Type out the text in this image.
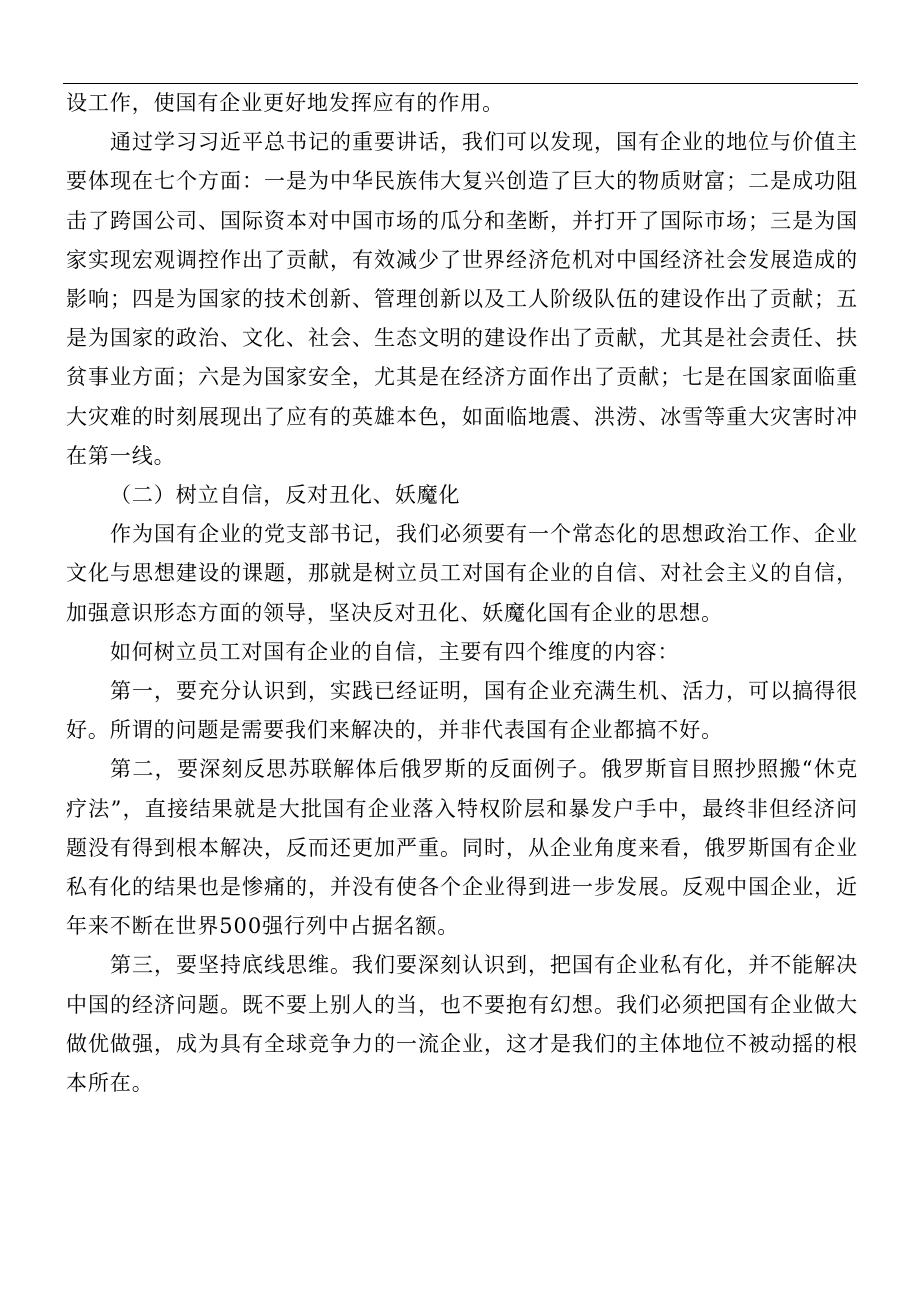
设工作，使国有企业更好地发挥应有的作用。

通过学习习近平总书记的重要讲话，我们可以发现，国有企业的地位与价值主要体现在七个方面：一是为中华民族伟大复兴创造了巨大的物质财富；二是成功阻击了跨国公司、国际资本对中国市场的瓜分和垄断，并打开了国际市场；三是为国家实现宏观调控作出了贡献，有效减少了世界经济危机对中国经济社会发展造成的影响；四是为国家的技术创新、管理创新以及工人阶级队伍的建设作出了贡献；五是为国家的政治、文化、社会、生态文明的建设作出了贡献，尤其是社会责任、扶贫事业方面；六是为国家安全，尤其是在经济方面作出了贡献；七是在国家面临重大灾难的时刻展现出了应有的英雄本色，如面临地震、洪涝、冰雪等重大灾害时冲在第一线。

（二）树立自信，反对丑化、妖魔化

作为国有企业的党支部书记，我们必须要有一个常态化的思想政治工作、企业文化与思想建设的课题，那就是树立员工对国有企业的自信、对社会主义的自信，加强意识形态方面的领导，坚决反对丑化、妖魔化国有企业的思想。

如何树立员工对国有企业的自信，主要有四个维度的内容：

第一，要充分认识到，实践已经证明，国有企业充满生机、活力，可以搞得很好。所谓的问题是需要我们来解决的，并非代表国有企业都搞不好。

第二，要深刻反思苏联解体后俄罗斯的反面例子。俄罗斯盲目照抄照搬“休克疗法”，直接结果就是大批国有企业落入特权阶层和暴发户手中，最终非但经济问题没有得到根本解决，反而还更加严重。同时，从企业角度来看，俄罗斯国有企业私有化的结果也是惨痛的，并没有使各个企业得到进一步发展。反观中国企业，近年来不断在世界500强行列中占据名额。

第三，要坚持底线思维。我们要深刻认识到，把国有企业私有化，并不能解决中国的经济问题。既不要上别人的当，也不要抱有幻想。我们必须把国有企业做大做优做强，成为具有全球竞争力的一流企业，这才是我们的主体地位不被动摇的根本所在。
